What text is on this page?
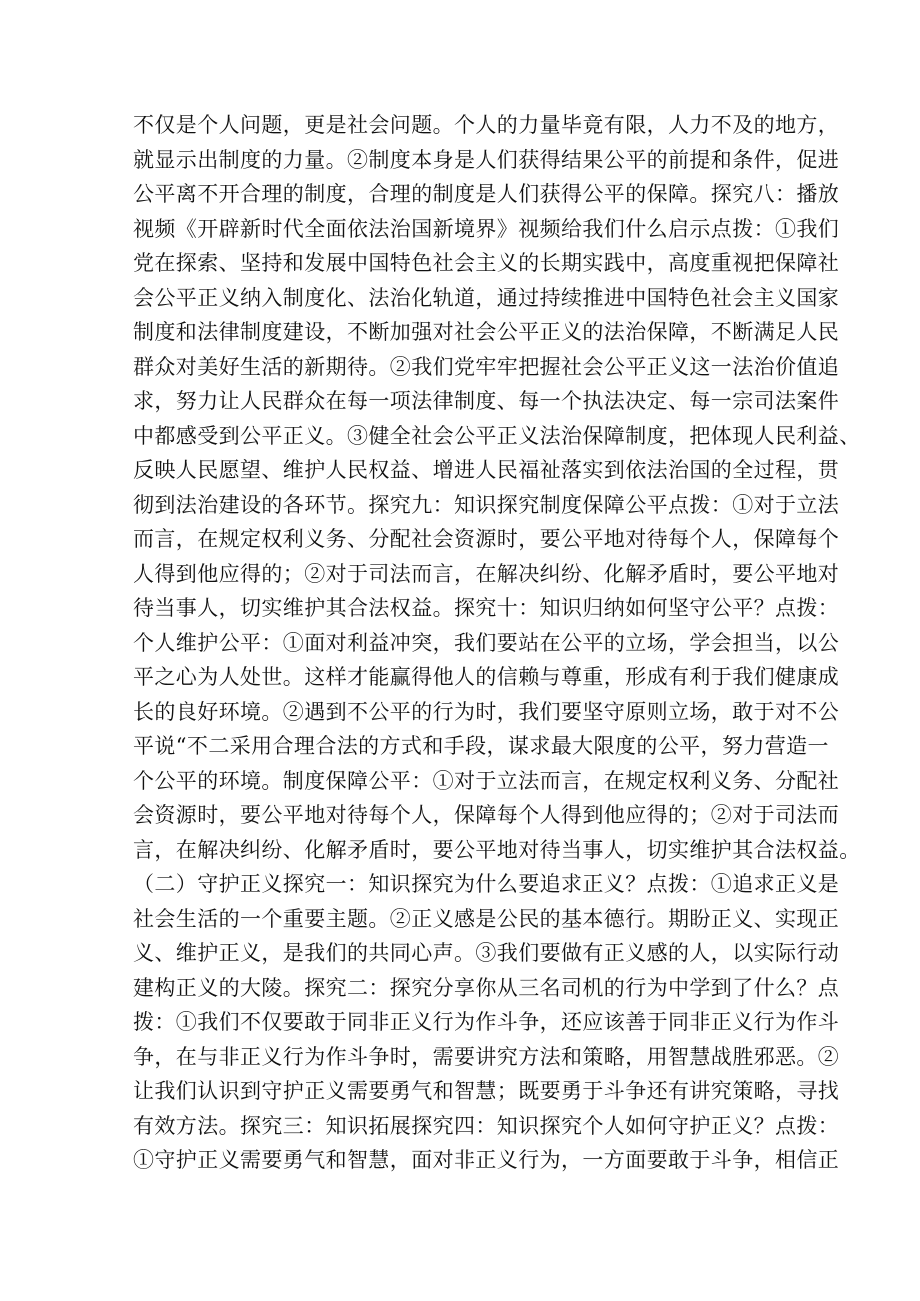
不仅是个人问题，更是社会问题。个人的力量毕竟有限，人力不及的地方，
就显示出制度的力量。②制度本身是人们获得结果公平的前提和条件，促进
公平离不开合理的制度，合理的制度是人们获得公平的保障。探究八：播放
视频《开辟新时代全面依法治国新境界》视频给我们什么启示点拨：①我们
党在探索、坚持和发展中国特色社会主义的长期实践中，高度重视把保障社
会公平正义纳入制度化、法治化轨道，通过持续推进中国特色社会主义国家
制度和法律制度建设，不断加强对社会公平正义的法治保障，不断满足人民
群众对美好生活的新期待。②我们党牢牢把握社会公平正义这一法治价值追
求，努力让人民群众在每一项法律制度、每一个执法决定、每一宗司法案件
中都感受到公平正义。③健全社会公平正义法治保障制度，把体现人民利益、
反映人民愿望、维护人民权益、增进人民福祉落实到依法治国的全过程，贯
彻到法治建设的各环节。探究九：知识探究制度保障公平点拨：①对于立法
而言，在规定权利义务、分配社会资源时，要公平地对待每个人，保障每个
人得到他应得的；②对于司法而言，在解决纠纷、化解矛盾时，要公平地对
待当事人，切实维护其合法权益。探究十：知识归纳如何坚守公平？点拨：
个人维护公平：①面对利益冲突，我们要站在公平的立场，学会担当，以公
平之心为人处世。这样才能赢得他人的信赖与尊重，形成有利于我们健康成
长的良好环境。②遇到不公平的行为时，我们要坚守原则立场，敢于对不公
平说“不二采用合理合法的方式和手段，谋求最大限度的公平，努力营造一
个公平的环境。制度保障公平：①对于立法而言，在规定权利义务、分配社
会资源时，要公平地对待每个人，保障每个人得到他应得的；②对于司法而
言，在解决纠纷、化解矛盾时，要公平地对待当事人，切实维护其合法权益。
（二）守护正义探究一：知识探究为什么要追求正义？点拨：①追求正义是
社会生活的一个重要主题。②正义感是公民的基本德行。期盼正义、实现正
义、维护正义，是我们的共同心声。③我们要做有正义感的人，以实际行动
建构正义的大陵。探究二：探究分享你从三名司机的行为中学到了什么？点
拨：①我们不仅要敢于同非正义行为作斗争，还应该善于同非正义行为作斗
争，在与非正义行为作斗争时，需要讲究方法和策略，用智慧战胜邪恶。②
让我们认识到守护正义需要勇气和智慧；既要勇于斗争还有讲究策略，寻找
有效方法。探究三：知识拓展探究四：知识探究个人如何守护正义？点拨：
①守护正义需要勇气和智慧，面对非正义行为，一方面要敢于斗争，相信正
